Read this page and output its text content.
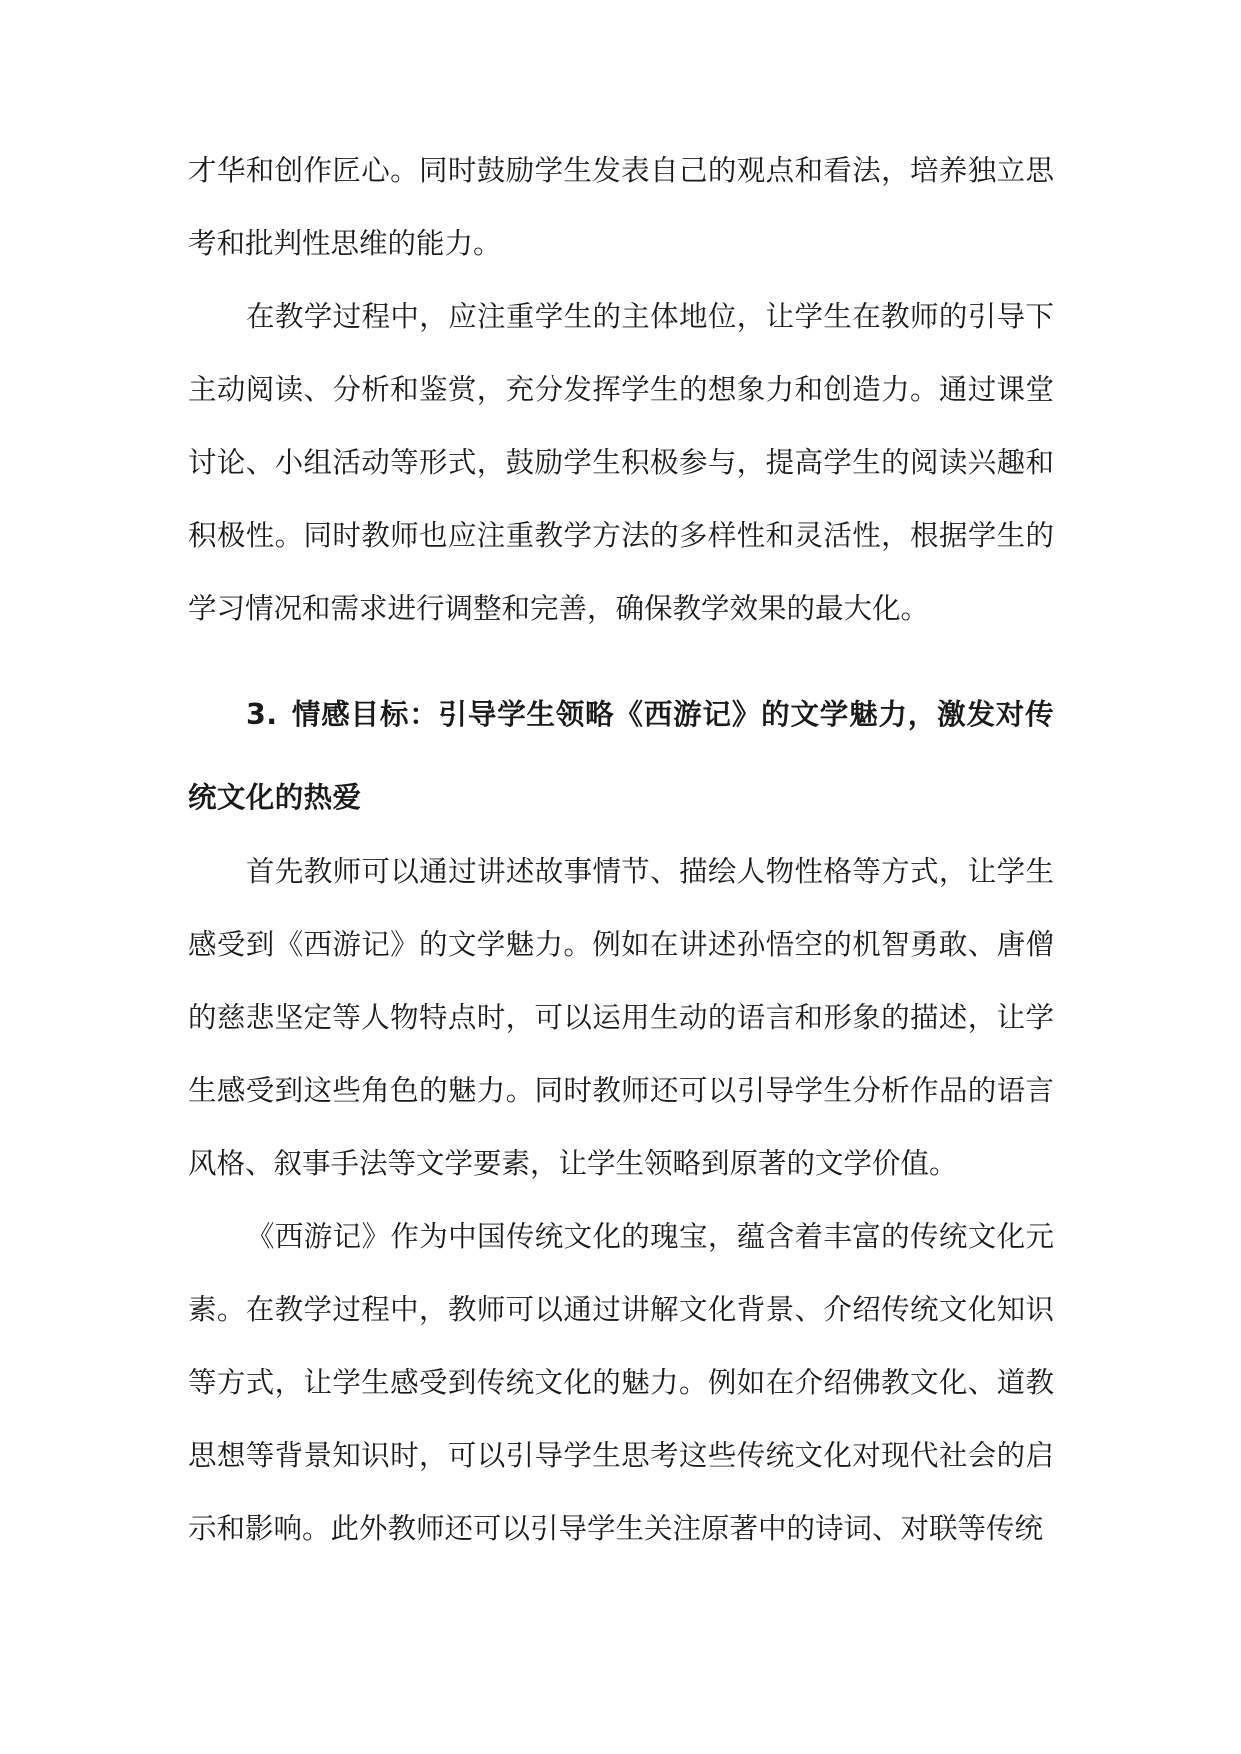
才华和创作匠心。同时鼓励学生发表自己的观点和看法，培养独立思考和批判性思维的能力。

在教学过程中，应注重学生的主体地位，让学生在教师的引导下主动阅读、分析和鉴赏，充分发挥学生的想象力和创造力。通过课堂讨论、小组活动等形式，鼓励学生积极参与，提高学生的阅读兴趣和积极性。同时教师也应注重教学方法的多样性和灵活性，根据学生的学习情况和需求进行调整和完善，确保教学效果的最大化。

3. 情感目标：引导学生领略《西游记》的文学魅力，激发对传统文化的热爱

首先教师可以通过讲述故事情节、描绘人物性格等方式，让学生感受到《西游记》的文学魅力。例如在讲述孙悟空的机智勇敢、唐僧的慈悲坚定等人物特点时，可以运用生动的语言和形象的描述，让学生感受到这些角色的魅力。同时教师还可以引导学生分析作品的语言风格、叙事手法等文学要素，让学生领略到原著的文学价值。

《西游记》作为中国传统文化的瑰宝，蕴含着丰富的传统文化元素。在教学过程中，教师可以通过讲解文化背景、介绍传统文化知识等方式，让学生感受到传统文化的魅力。例如在介绍佛教文化、道教思想等背景知识时，可以引导学生思考这些传统文化对现代社会的启示和影响。此外教师还可以引导学生关注原著中的诗词、对联等传统
